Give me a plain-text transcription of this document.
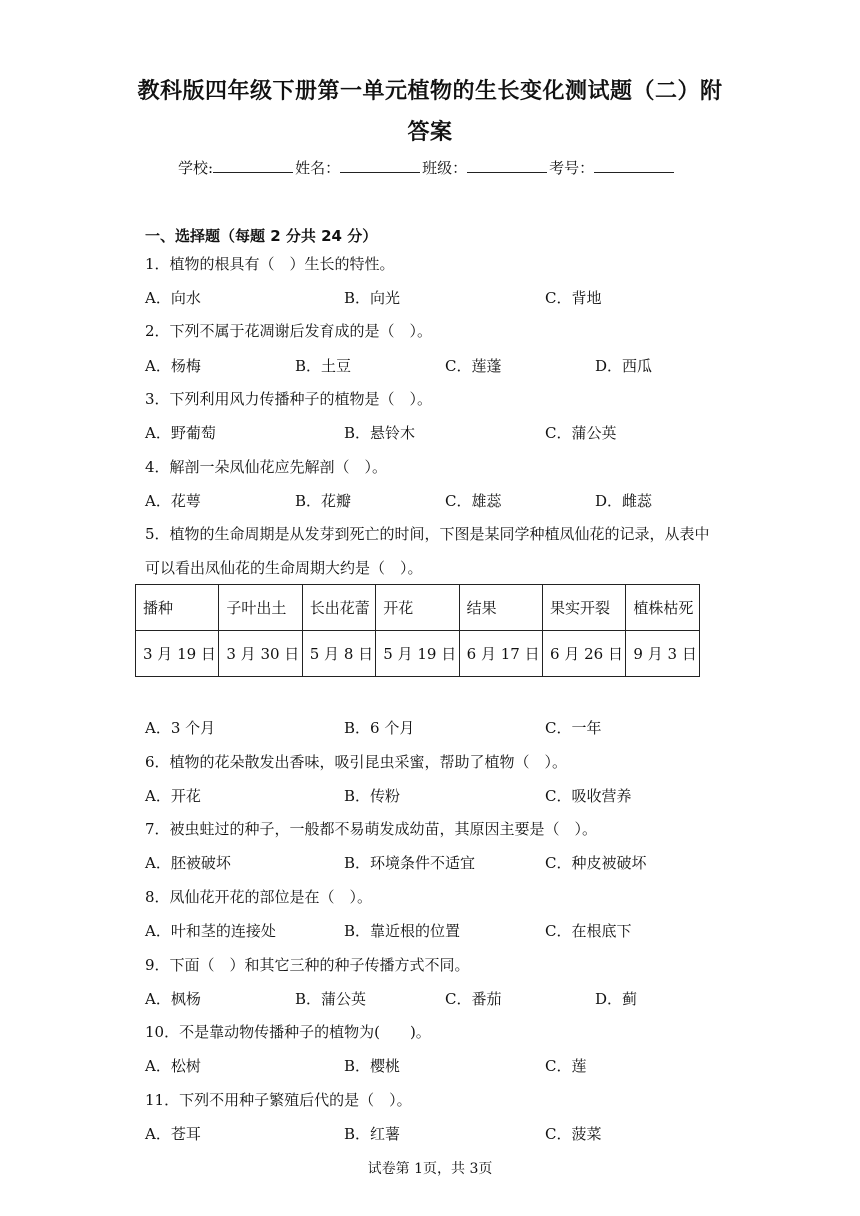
教科版四年级下册第一单元植物的生长变化测试题（二）附
答案
学校:	姓名：	班级：	考号：
一、选择题（每题 2 分共 24 分）
1．植物的根具有（　）生长的特性。
A．向水	B．向光	C．背地
2．下列不属于花凋谢后发育成的是（　）。
A．杨梅	B．土豆	C．莲蓬	D．西瓜
3．下列利用风力传播种子的植物是（　）。
A．野葡萄	B．悬铃木	C．蒲公英
4．解剖一朵凤仙花应先解剖（　）。
A．花萼	B．花瓣	C．雄蕊	D．雌蕊
5．植物的生命周期是从发芽到死亡的时间，下图是某同学种植凤仙花的记录，从表中
可以看出凤仙花的生命周期大约是（　）。
播种	子叶出土	长出花蕾	开花	结果	果实开裂	植株枯死
3 月 19 日	3 月 30 日	5 月 8 日	5 月 19 日	6 月 17 日	6 月 26 日	9 月 3 日
A．3 个月	B．6 个月	C．一年
6．植物的花朵散发出香味，吸引昆虫采蜜，帮助了植物（　）。
A．开花	B．传粉	C．吸收营养
7．被虫蛀过的种子，一般都不易萌发成幼苗，其原因主要是（　）。
A．胚被破坏	B．环境条件不适宜	C．种皮被破坏
8．凤仙花开花的部位是在（　）。
A．叶和茎的连接处	B．靠近根的位置	C．在根底下
9．下面（　）和其它三种的种子传播方式不同。
A．枫杨	B．蒲公英	C．番茄	D．蓟
10．不是靠动物传播种子的植物为(　　)。
A．松树	B．樱桃	C．莲
11．下列不用种子繁殖后代的是（　）。
A．苍耳	B．红薯	C．菠菜
试卷第 1页，共 3页
